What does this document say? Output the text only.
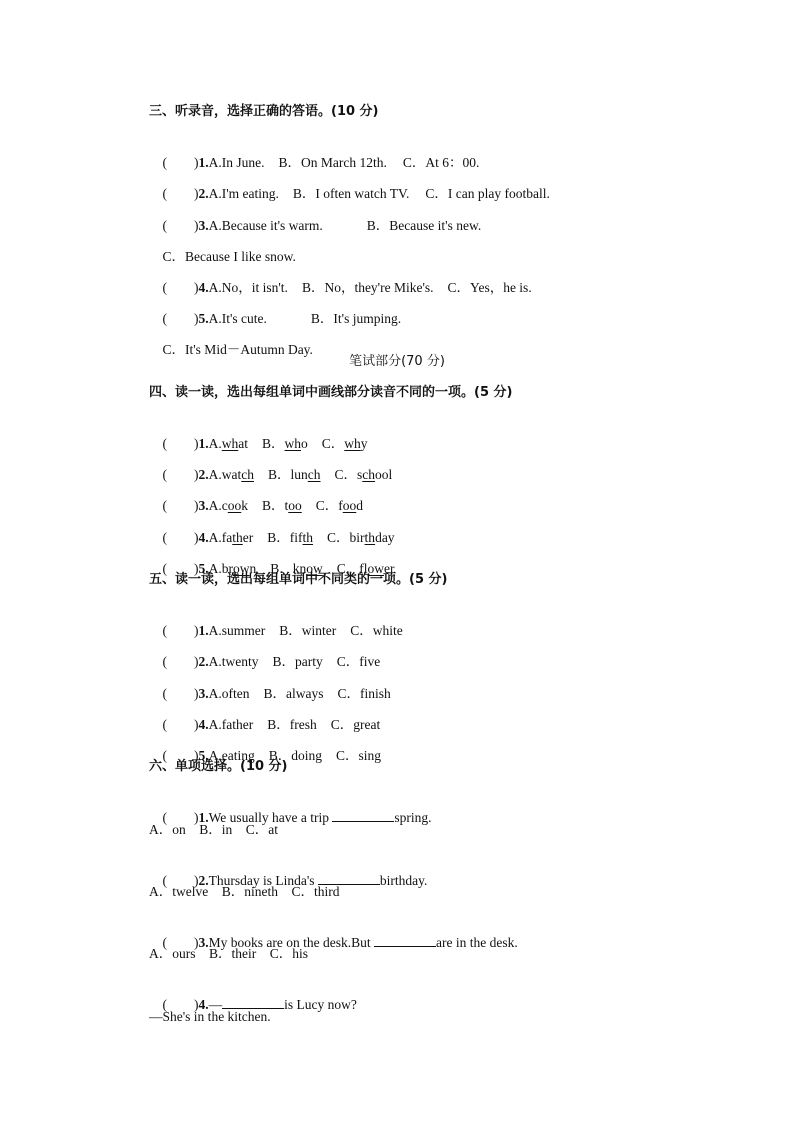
三、听录音，选择正确的答语。(10 分)

(　　)1.A.In June. B．On March 12th. C．At 6：00.

(　　)2.A.I'm eating. B．I often watch TV. C．I can play football.

(　　)3.A.Because it's warm.	B．Because it's new.

C．Because I like snow.

(　　)4.A.No，it isn't. B．No，they're Mike's. C．Yes，he is.

(　　)5.A.It's cute.	B．It's jumping.

C．It's Mid－Autumn Day.

笔试部分(70 分)
四、读一读，选出每组单词中画线部分读音不同的一项。(5 分)

(　　)1.A.what B．who C．why

(　　)2.A.watch B．lunch C．school

(　　)3.A.cook B．too C．food

(　　)4.A.father B．fifth C．birthday

(　　)5.A.brown B．know C．flower

五、读一读，选出每组单词中不同类的一项。(5 分)

(　　)1.A.summer B．winter C．white

(　　)2.A.twenty B．party C．five

(　　)3.A.often B．always C．finish

(　　)4.A.father B．fresh C．great

(　　)5.A.eating B．doing C．sing

六、单项选择。(10 分)

(　　)1.We usually have a trip	spring.

A．on　B．in　C．at

(　　)2.Thursday is Linda's	birthday.

A．twelve　B．nineth　C．third

(　　)3.My books are on the desk.But	are in the desk.

A．ours　B．their　C．his

(　　)4.—	is Lucy now?

—She's in the kitchen.
